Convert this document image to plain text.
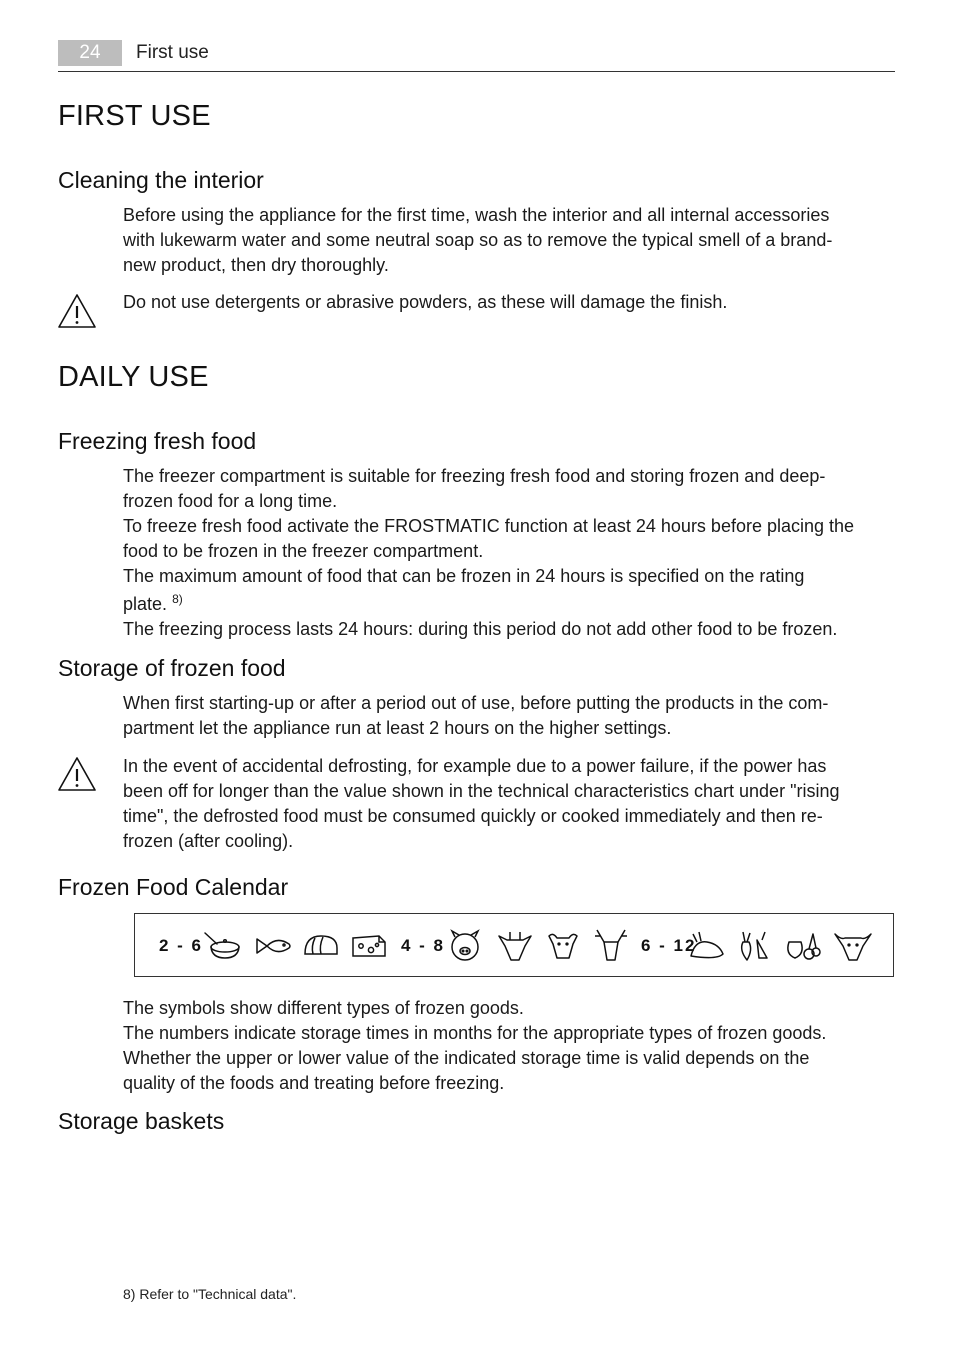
24	First use
FIRST USE
Cleaning the interior

Before using the appliance for the first time, wash the interior and all internal accessories
with lukewarm water and some neutral soap so as to remove the typical smell of a brand-
new product, then dry thoroughly.

Do not use detergents or abrasive powders, as these will damage the finish.

DAILY USE
Freezing fresh food

The freezer compartment is suitable for freezing fresh food and storing frozen and deep-
frozen food for a long time.
To freeze fresh food activate the FROSTMATIC function at least 24 hours before placing the
food to be frozen in the freezer compartment.
The maximum amount of food that can be frozen in 24 hours is specified on the rating
plate. $^{8)}$
The freezing process lasts 24 hours: during this period do not add other food to be frozen.

Storage of frozen food

When first starting-up or after a period out of use, before putting the products in the com-
partment let the appliance run at least 2 hours on the higher settings.

In the event of accidental defrosting, for example due to a power failure, if the power has
been off for longer than the value shown in the technical characteristics chart under "rising
time", the defrosted food must be consumed quickly or cooked immediately and then re-
frozen (after cooling).

Frozen Food Calendar
2 - 6	4 - 8	6 - 12

The symbols show different types of frozen goods.
The numbers indicate storage times in months for the appropriate types of frozen goods.
Whether the upper or lower value of the indicated storage time is valid depends on the
quality of the foods and treating before freezing.

Storage baskets
8) Refer to "Technical data".
